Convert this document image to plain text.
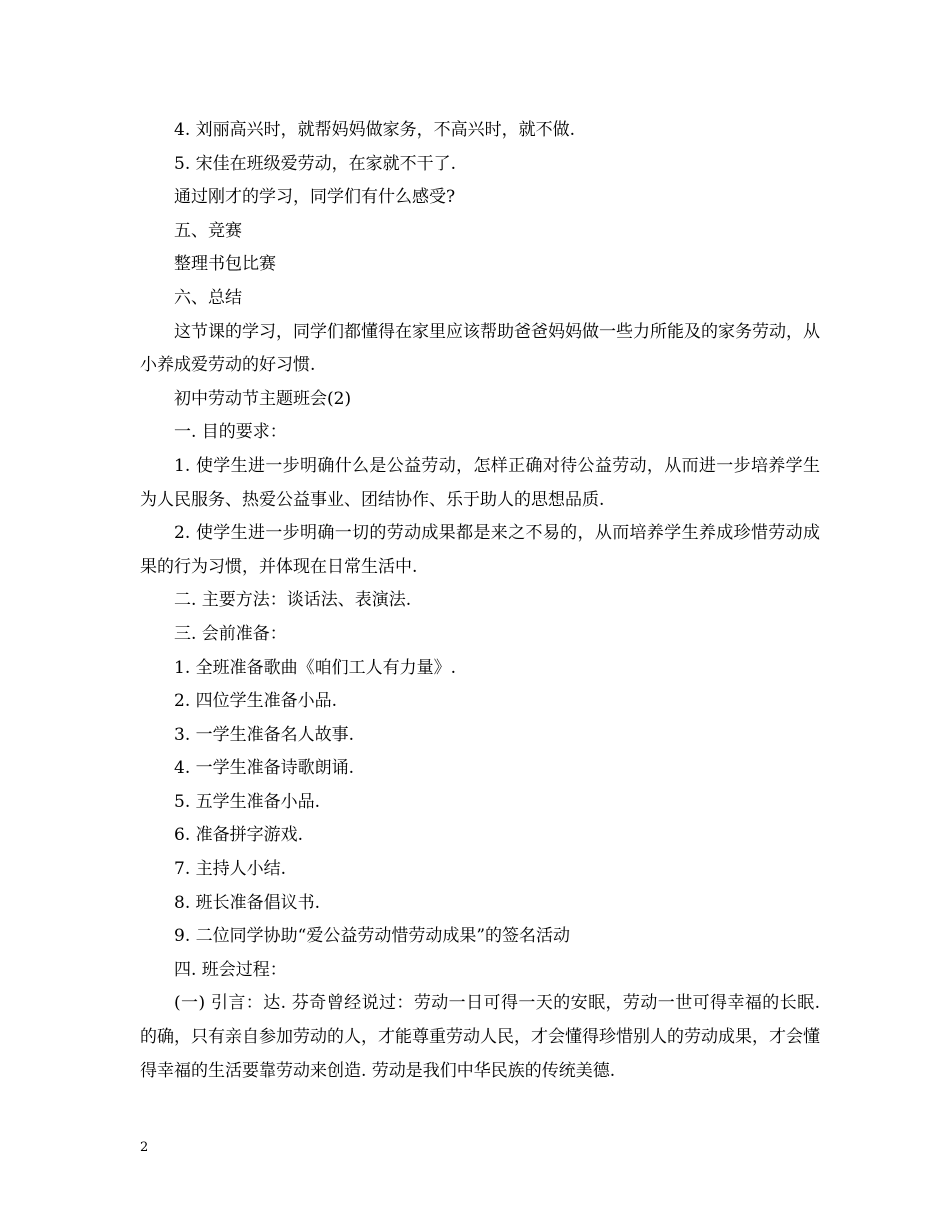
4. 刘丽高兴时，就帮妈妈做家务，不高兴时，就不做.

5. 宋佳在班级爱劳动，在家就不干了.

通过刚才的学习，同学们有什么感受?

五、竞赛

整理书包比赛

六、总结

这节课的学习，同学们都懂得在家里应该帮助爸爸妈妈做一些力所能及的家务劳动，从小养成爱劳动的好习惯.

初中劳动节主题班会(2)

一. 目的要求：

1. 使学生进一步明确什么是公益劳动，怎样正确对待公益劳动，从而进一步培养学生为人民服务、热爱公益事业、团结协作、乐于助人的思想品质.

2. 使学生进一步明确一切的劳动成果都是来之不易的，从而培养学生养成珍惜劳动成果的行为习惯，并体现在日常生活中.

二. 主要方法：谈话法、表演法.

三. 会前准备：

1. 全班准备歌曲《咱们工人有力量》.

2. 四位学生准备小品.

3. 一学生准备名人故事.

4. 一学生准备诗歌朗诵.

5. 五学生准备小品.

6. 准备拼字游戏.

7. 主持人小结.

8. 班长准备倡议书.

9. 二位同学协助“爱公益劳动惜劳动成果”的签名活动

四. 班会过程：

(一) 引言：达. 芬奇曾经说过：劳动一日可得一天的安眠，劳动一世可得幸福的长眠. 的确，只有亲自参加劳动的人，才能尊重劳动人民，才会懂得珍惜别人的劳动成果，才会懂得幸福的生活要靠劳动来创造. 劳动是我们中华民族的传统美德.

2
